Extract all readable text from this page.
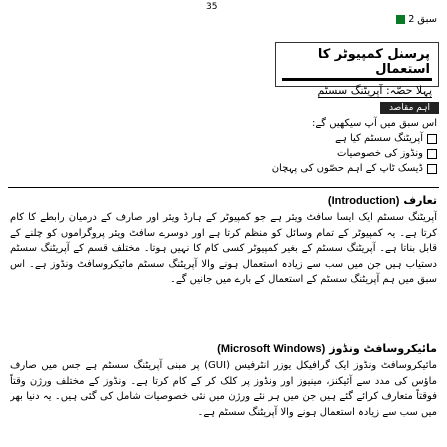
35
سبق
2
پرسنل کمپیوٹر کا استعمال
پہلا حصّہ: آپریٹنگ سسٹم
اہم مقاصد
اس سبق میں آپ سیکھیں گے:
آپریٹنگ سسٹم کیا ہے
ونڈوز کی خصوصیات
ڈیسک ٹاپ کے اہم حصّوں کی پہچان
تعارف
(Introduction)
آپریٹنگ سسٹم ایک ایسا سافٹ ویئر ہے جو کمپیوٹر کے ہارڈ ویئر اور صارف کے درمیان رابطے کا کام کرتا ہے۔ یہ کمپیوٹر کے تمام وسائل کو منظم کرتا ہے اور دوسرے سافٹ ویئر پروگراموں کو چلنے کے قابل بناتا ہے۔ آپریٹنگ سسٹم کے بغیر کمپیوٹر کسی کام کا نہیں ہوتا۔ مختلف قسم کے آپریٹنگ سسٹم دستیاب ہیں جن میں سب سے زیادہ استعمال ہونے والا آپریٹنگ سسٹم مائیکروسافٹ ونڈوز ہے۔ اس سبق میں ہم آپریٹنگ سسٹم کے استعمال کے بارے میں جانیں گے۔
مائیکروسافٹ ونڈوز
(Microsoft Windows)
مائیکروسافٹ ونڈوز ایک گرافیکل یوزر انٹرفیس (GUI) پر مبنی آپریٹنگ سسٹم ہے جس میں صارف ماؤس کی مدد سے آئیکنز، مینیوز اور ونڈوز پر کلک کر کے کام کرتا ہے۔ ونڈوز کے مختلف ورژن وقتاً فوقتاً متعارف کرائے گئے ہیں جن میں ہر نئے ورژن میں نئی خصوصیات شامل کی گئی ہیں۔ یہ دنیا بھر میں سب سے زیادہ استعمال ہونے والا آپریٹنگ سسٹم ہے۔
